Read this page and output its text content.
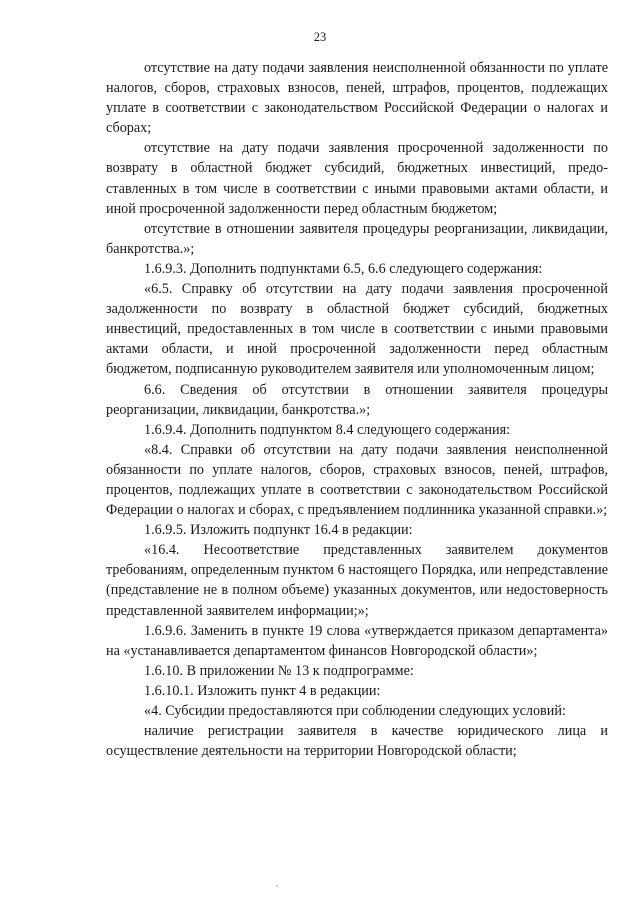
23

отсутствие на дату подачи заявления неисполненной обязанности по уплате налогов, сборов, страховых взносов, пеней, штрафов, процентов, подлежащих уплате в соответствии с законодательством Российской Федерации о налогах и сборах;

отсутствие на дату подачи заявления просроченной задолженности по возврату в областной бюджет субсидий, бюджетных инвестиций, предо-ставленных в том числе в соответствии с иными правовыми актами области, и иной просроченной задолженности перед областным бюджетом;

отсутствие в отношении заявителя процедуры реорганизации, ликвидации, банкротства.»;

1.6.9.3. Дополнить подпунктами 6.5, 6.6 следующего содержания:

«6.5. Справку об отсутствии на дату подачи заявления просроченной задолженности по возврату в областной бюджет субсидий, бюджетных инвестиций, предоставленных в том числе в соответствии с иными правовыми актами области, и иной просроченной задолженности перед областным бюджетом, подписанную руководителем заявителя или уполномоченным лицом;

6.6. Сведения об отсутствии в отношении заявителя процедуры реорганизации, ликвидации, банкротства.»;

1.6.9.4. Дополнить подпунктом 8.4 следующего содержания:

«8.4. Справки об отсутствии на дату подачи заявления неисполненной обязанности по уплате налогов, сборов, страховых взносов, пеней, штрафов, процентов, подлежащих уплате в соответствии с законодательством Российской Федерации о налогах и сборах, с предъявлением подлинника указанной справки.»;

1.6.9.5. Изложить подпункт 16.4 в редакции:

«16.4. Несоответствие представленных заявителем документов требованиям, определенным пунктом 6 настоящего Порядка, или непредставление (представление не в полном объеме) указанных документов, или недостоверность представленной заявителем информации;»;

1.6.9.6. Заменить в пункте 19 слова «утверждается приказом департамента» на «устанавливается департаментом финансов Новгородской области»;

1.6.10. В приложении № 13 к подпрограмме:

1.6.10.1. Изложить пункт 4 в редакции:

«4. Субсидии предоставляются при соблюдении следующих условий:

наличие регистрации заявителя в качестве юридического лица и осуществление деятельности на территории Новгородской области;
